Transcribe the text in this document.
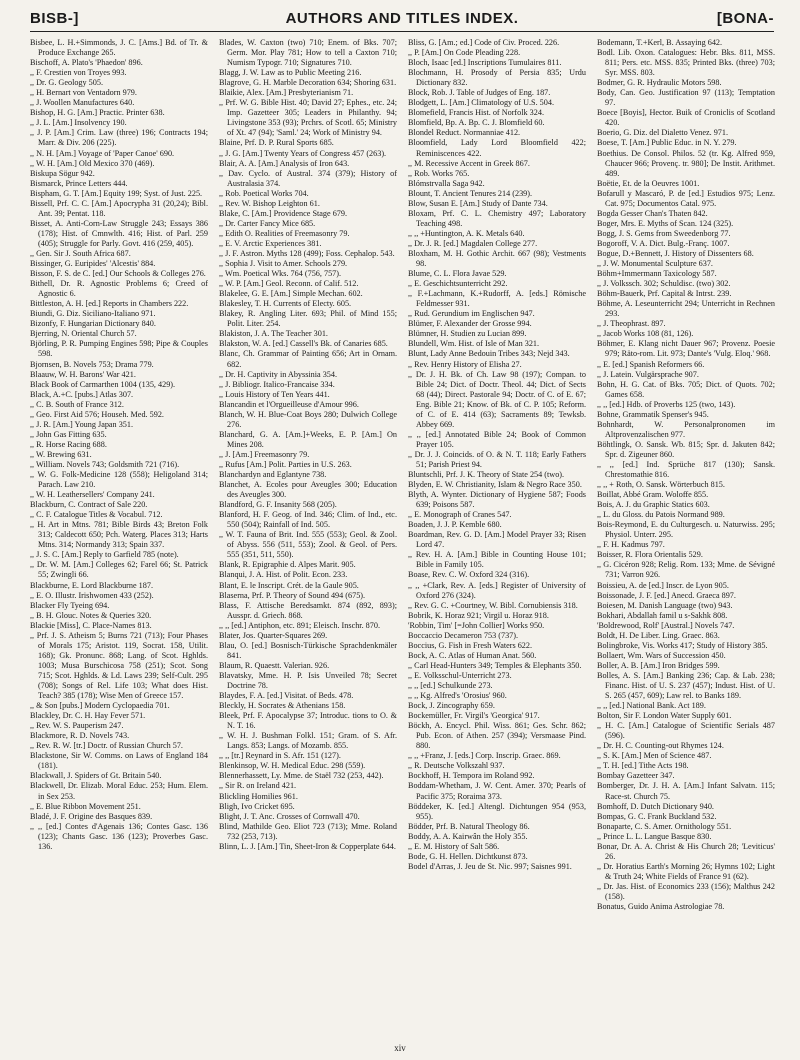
BISB-]	AUTHORS AND TITLES INDEX.	[BONA-

Bisbee, L. H.+Simmonds, J. C. [Ams.] Bd. of Tr. & Produce Exchange 265.

Bischoff, A. Plato's 'Phaedon' 896.

,, F. Crestien von Troyes 993.

,, Dr. G. Geology 505.

,, H. Bernart von Ventadorn 979.

,, J. Woollen Manufactures 640.

Bishop, H. G. [Am.] Practic. Printer 638.

,, J. L. [Am.] Insolvency 190.

,, J. P. [Am.] Crim. Law (three) 196; Contracts 194; Marr. & Div. 206 (225).

,, N. H. [Am.] Voyage of 'Paper Canoe' 690.

,, W. H. [Am.] Old Mexico 370 (469).

Biskupa Sögur 942.

Bismarck, Prince Letters 444.

Bispham, G. T. [Am.] Equity 199; Syst. of Just. 225.

Bissell, Prf. C. C. [Am.] Apocrypha 31 (20,24); Bibl. Ant. 39; Pentat. 118.

Bisset, A. Anti-Corn-Law Struggle 243; Essays 386 (178); Hist. of Cmnwlth. 416; Hist. of Parl. 259 (405); Struggle for Parly. Govt. 416 (259, 405).

,, Gen. Sir J. South Africa 687.

Bissinger, G. Euripides' 'Alcestis' 884.

Bisson, F. S. de C. [ed.] Our Schools & Colleges 276.

Bithell, Dr. R. Agnostic Problems 6; Creed of Agnostic 6.

Bittleston, A. H. [ed.] Reports in Chambers 222.

Biundi, G. Diz. Siciliano-Italiano 971.

Bizonfy, F. Hungarian Dictionary 840.

Bjerring, N. Oriental Church 57.

Björling, P. R. Pumping Engines 598; Pipe & Couples 598.

Bjornsen, B. Novels 753; Drama 779.

Blaauw, W. H. Barons' War 421.

Black Book of Carmarthen 1004 (135, 429).

Black, A.+C. [pubs.] Atlas 307.

,, C. B. South of France 312.

,, Geo. First Aid 576; Househ. Med. 592.

,, J. R. [Am.] Young Japan 351.

,, John Gas Fitting 635.

,, R. Horse Racing 688.

,, W. Brewing 631.

,, William. Novels 743; Goldsmith 721 (716).

,, W. G. Folk-Medicine 128 (558); Heligoland 314; Parach. Law 210.

,, W. H. Leathersellers' Company 241.

Blackburn, C. Contract of Sale 220.

,, C. F. Catalogue Titles & Vocabul. 712.

,, H. Art in Mtns. 781; Bible Birds 43; Breton Folk 313; Caldecott 650; Pch. Waterg. Places 313; Harts Mtns. 314; Normandy 313; Spain 337.

,, J. S. C. [Am.] Reply to Garfield 785 (note).

,, Dr. W. M. [Am.] Colleges 62; Farel 66; St. Patrick 55; Zwingli 66.

Blackburne, E. Lord Blackburne 187.

,, E. O. Illustr. Irishwomen 433 (252).

Blacker Fly Tyeing 694.

,, B. H. Glouc. Notes & Queries 320.

Blackie [Miss], C. Place-Names 813.

,, Prf. J. S. Atheism 5; Burns 721 (713); Four Phases of Morals 175; Aristot. 119, Socrat. 158, Utilit. 168); Gk. Pronunc. 868; Lang. of Scot. Hghlds. 1003; Musa Burschicosa 758 (251); Scot. Song 715; Scot. Hghlds. & Ld. Laws 239; Self-Cult. 295 (708); Songs of Rel. Life 103; What does Hist. Teach? 385 (178); Wise Men of Greece 157.

,, & Son [pubs.] Modern Cyclopaedia 701.

Blackley, Dr. C. H. Hay Fever 571.

,, Rev. W. S. Pauperism 247.

Blackmore, R. D. Novels 743.

,, Rev. R. W. [tr.] Doctr. of Russian Church 57.

Blackstone, Sir W. Comms. on Laws of England 184 (181).

Blackwall, J. Spiders of Gt. Britain 540.

Blackwell, Dr. Elizab. Moral Educ. 253; Hum. Elem. in Sex 253.

,, E. Blue Ribbon Movement 251.

Bladé, J. F. Origine des Basques 839.

,, ,, [ed.] Contes d'Agenais 136; Contes Gasc. 136 (123); Chants Gasc. 136 (123); Proverbes Gasc. 136.

Blades, W. Caxton (two) 710; Enem. of Bks. 707; Germ. Mor. Play 781; How to tell a Caxton 710; Numism Typogr. 710; Signatures 710.

Blagg, J. W. Law as to Public Meeting 216.

Blagrove, G. H. Marble Decoration 634; Shoring 631.

Blaikie, Alex. [Am.] Presbyterianism 71.

,, Prf. W. G. Bible Hist. 40; David 27; Ephes., etc. 24; Imp. Gazetteer 305; Leaders in Philanthy. 94; Livingstone 353 (93); Prchrs. of Scotl. 65; Ministry of Xt. 47 (94); 'Saml.' 24; Work of Ministry 94.

Blaine, Prf. D. P. Rural Sports 685.

,, J. G. [Am.] Twenty Years of Congress 457 (263).

Blair, A. A. [Am.] Analysis of Iron 643.

,, Dav. Cyclo. of Austral. 374 (379); History of Australasia 374.

,, Rob. Poetical Works 704.

,, Rev. W. Bishop Leighton 61.

Blake, C. [Am.] Providence Stage 679.

,, Dr. Carter Fancy Mice 685.

,, Edith O. Realities of Freemasonry 79.

,, E. V. Arctic Experiences 381.

,, J. F. Astron. Myths 128 (499); Foss. Cephalop. 543.

,, Sophia J. Visit to Amer. Schools 279.

,, Wm. Poetical Wks. 764 (756, 757).

,, W. P. [Am.] Geol. Reconn. of Calif. 512.

Blakelee, G. E. [Am.] Simple Mechan. 602.

Blakesley, T. H. Currents of Electy. 605.

Blakey, R. Angling Liter. 693; Phil. of Mind 155; Polit. Liter. 254.

Blakiston, J. A. The Teacher 301.

Blakston, W. A. [ed.] Cassell's Bk. of Canaries 685.

Blanc, Ch. Grammar of Painting 656; Art in Ornam. 682.

,, Dr. H. Captivity in Abyssinia 354.

,, J. Bibliogr. Italico-Francaise 334.

,, Louis History of Ten Years 441.

Blancandin et l'Orgueilleuse d'Amour 996.

Blanch, W. H. Blue-Coat Boys 280; Dulwich College 276.

Blanchard, G. A. [Am.]+Weeks, E. P. [Am.] On Mines 208.

,, J. [Am.] Freemasonry 79.

,, Rufus [Am.] Polit. Parties in U.S. 263.

Blanchardyn and Eglantyne 738.

Blanchet, A. Ecoles pour Aveugles 300; Education des Aveugles 300.

Blandford, G. F. Insanity 568 (205).

Blanford, H. F. Geog. of Ind. 346; Clim. of Ind., etc. 550 (504); Rainfall of Ind. 505.

,, W. T. Fauna of Brit. Ind. 555 (553); Geol. & Zool. of Abyss. 556 (511, 553); Zool. & Geol. of Pers. 555 (351, 511, 550).

Blank, R. Epigraphie d. Alpes Marit. 905.

Blanqui, J. A. Hist. of Polit. Econ. 233.

Blant, E. le Inscript. Crét. de la Gaule 905.

Blaserna, Prf. P. Theory of Sound 494 (675).

Blass, F. Attische Beredsamkt. 874 (892, 893); Ausspr. d. Griech. 868.

,, ,, [ed.] Antiphon, etc. 891; Eleisch. Inschr. 870.

Blater, Jos. Quarter-Squares 269.

Blau, O. [ed.] Bosnisch-Türkische Sprachdenkmäler 841.

Blaum, R. Quaestt. Valerian. 926.

Blavatsky, Mme. H. P. Isis Unveiled 78; Secret Doctrine 78.

Blaydes, F. A. [ed.] Visitat. of Beds. 478.

Bleckly, H. Socrates & Athenians 158.

Bleek, Prf. F. Apocalypse 37; Introduc. tions to O. & N. T. 16.

,, W. H. J. Bushman Folkl. 151; Gram. of S. Afr. Langs. 853; Langs. of Mozamb. 855.

,, ,, [tr.] Reynard in S. Afr. 151 (127).

Blenkinsop, W. H. Medical Educ. 298 (559).

Blennerhassett, Ly. Mme. de Staël 732 (253, 442).

,, Sir R. on Ireland 421.

Blickling Homilies 961.

Bligh, Ivo Cricket 695.

Blight, J. T. Anc. Crosses of Cornwall 470.

Blind, Mathilde Geo. Eliot 723 (713); Mme. Roland 732 (253, 713).

Blinn, L. J. [Am.] Tin, Sheet-Iron & Copperplate 644.

Bliss, G. [Am.; ed.] Code of Civ. Proced. 226.

,, P. [Am.] On Code Pleading 228.

Bloch, Isaac [ed.] Inscriptions Tumulaires 811.

Blochmann, H. Prosody of Persia 835; Urdu Dictionary 832.

Block, Rob. J. Table of Judges of Eng. 187.

Blodgett, L. [Am.] Climatology of U.S. 504.

Blomefield, Francis Hist. of Norfolk 324.

Blomfield, Bp. A. Bp. C. J. Blomfield 60.

Blondel Reduct. Normanniae 412.

Bloomfield, Lady Lord Bloomfield 422; Reminiscences 422.

,, M. Recessive Accent in Greek 867.

,, Rob. Works 765.

Blómstrvalla Saga 942.

Blount, T. Ancient Tenures 214 (239).

Blow, Susan E. [Am.] Study of Dante 734.

Bloxam, Prf. C. L. Chemistry 497; Laboratory Teaching 498.

,, ,, +Huntington, A. K. Metals 640.

,, Dr. J. R. [ed.] Magdalen College 277.

Bloxham, M. H. Gothic Archit. 667 (98); Vestments 98.

Blume, C. L. Flora Javae 529.

,, E. Geschichtsunterricht 292.

,, F.+Lachmann, K.+Rudorff, A. [eds.] Römische Feldmesser 931.

,, Rud. Gerundium im Englischen 947.

Blümer, F. Alexander der Grosse 994.

Blümner, H. Studien zu Lucian 899.

Blundell, Wm. Hist. of Isle of Man 321.

Blunt, Lady Anne Bedouin Tribes 343; Nejd 343.

,, Rev. Henry History of Elisha 27.

,, Dr. J. H. Bk. of Ch. Law 98 (197); Compan. to Bible 24; Dict. of Doctr. Theol. 44; Dict. of Sects 68 (44); Direct. Pastorale 94; Doctr. of C. of E. 67; Eng. Bible 21; Know. of Bk. of C. P. 105; Reform. of C. of E. 414 (63); Sacraments 89; Tewksb. Abbey 669.

,, ,, [ed.] Annotated Bible 24; Book of Common Prayer 105.

,, Dr. J. J. Coincids. of O. & N. T. 118; Early Fathers 51; Parish Priest 94.

Bluntschli, Prf. J. K. Theory of State 254 (two).

Blyden, E. W. Christianity, Islam & Negro Race 350.

Blyth, A. Wynter. Dictionary of Hygiene 587; Foods 639; Poisons 587.

,, E. Monograph of Cranes 547.

Boaden, J. J. P. Kemble 680.

Boardman, Rev. G. D. [Am.] Model Prayer 33; Risen Lord 47.

,, Rev. H. A. [Am.] Bible in Counting House 101; Bible in Family 105.

Boase, Rev. C. W. Oxford 324 (316).

,, ,, +Clark, Rev. A. [eds.] Register of University of Oxford 276 (324).

,, Rev. G. C. +Courtney, W. Bibl. Cornubiensis 318.

Bobrik, K. Horaz 921; Virgil u. Horaz 918.

'Robbin, Tim' [=John Collier] Works 950.

Boccaccio Decameron 753 (737).

Boccius, G. Fish in Fresh Waters 622.

Bock, A. C. Atlas of Human Anat. 560.

,, Carl Head-Hunters 349; Temples & Elephants 350.

,, E. Volksschul-Unterricht 273.

,, ,, [ed.] Schulkunde 273.

,, ,, Kg. Alfred's 'Orosius' 960.

Bock, J. Zincography 659.

Bockemüller, Fr. Virgil's 'Georgica' 917.

Böckh, A. Encycl. Phil. Wiss. 861; Ges. Schr. 862; Pub. Econ. of Athen. 257 (394); Versmaase Pind. 880.

,, ,, +Franz, J. [eds.] Corp. Inscrip. Graec. 869.

,, R. Deutsche Volkszahl 937.

Bockhoff, H. Tempora im Roland 992.

Boddam-Whetham, J. W. Cent. Amer. 370; Pearls of Pacific 375; Roraima 373.

Böddeker, K. [ed.] Altengl. Dichtungen 954 (953, 955).

Bödder, Prf. B. Natural Theology 86.

Boddy, A. A. Kairwân the Holy 355.

,, E. M. History of Salt 586.

Bode, G. H. Hellen. Dichtkunst 873.

Bodel d'Arras, J. Jeu de St. Nic. 997; Saisnes 991.

Bodemann, T.+Kerl, B. Assaying 642.

Bodl. Lib. Oxon. Catalogues: Hebr. Bks. 811, MSS. 811; Pers. etc. MSS. 835; Printed Bks. (three) 703; Syr. MSS. 803.

Bodmer, G. R. Hydraulic Motors 598.

Body, Can. Geo. Justification 97 (113); Temptation 97.

Boece [Boyis], Hector. Buik of Croniclis of Scotland 420.

Boerio, G. Diz. del Dialetto Venez. 971.

Boese, T. [Am.] Public Educ. in N. Y. 279.

Boethius. De Consol. Philos. 52 (tr. Kg. Alfred 959, Chaucer 966; Provenç. tr. 980]; De Instit. Arithmet. 489.

Boëtie, Et. de la Oeuvres 1001.

Bofarull y Mascaró, P. de [ed.] Estudios 975; Lenz. Cat. 975; Documentos Catal. 975.

Bogda Gesser Chan's Thaten 842.

Boger, Mrs. E. Myths of Scan. 124 (325).

Bogg, J. S. Gems from Sweedenborg 77.

Bogoroff, V. A. Dict. Bulg.-Franç. 1007.

Bogue, D.+Bennett, J. History of Dissenters 68.

,, J. W. Monumental Sculpture 637.

Böhm+Immermann Taxicology 587.

,, J. Volkssch. 302; Schuldisc. (two) 302.

Böhm-Bauerk, Prf. Capital & Intrst. 239.

Böhme, A. Leseunterricht 294; Unterricht in Rechnen 293.

,, J. Theophrast. 897.

,, Jacob Works 108 (81, 126).

Böhmer, E. Klang nicht Dauer 967; Provenz. Poesie 979; Räto-rom. Lit. 973; Dante's 'Vulg. Eloq.' 968.

,, E. [ed.] Spanish Reformers 66.

,, J. Latein. Vulgärsprache 907.

Bohn, H. G. Cat. of Bks. 705; Dict. of Quots. 702; Games 658.

,, ,, [ed.] Hdb. of Proverbs 125 (two, 143).

Bohne, Grammatik Spenser's 945.

Bohnhardt, W. Personalpronomen im Altprovenzalischen 977.

Böhtlingk, O. Sansk. Wb. 815; Spr. d. Jakuten 842; Spr. d. Zigeuner 860.

,, ,, [ed.] Ind. Sprüche 817 (130); Sansk. Chrestomathie 816.

,, ,, + Roth, O. Sansk. Wörterbuch 815.

Boillat, Abbé Gram. Woloffe 855.

Bois, A. J. du Graphic Statics 603.

,, L. du Gloss. du Patois Normand 989.

Bois-Reymond, E. du Culturgesch. u. Naturwiss. 295; Physiol. Unterr. 295.

,, F. H. Kadmus 797.

Boisser, R. Flora Orientalis 529.

,, G. Cicéron 928; Relig. Rom. 133; Mme. de Sévigné 731; Varron 926.

Boissieu, A. de [ed.] Inscr. de Lyon 905.

Boissonade, J. F. [ed.] Anecd. Graeca 897.

Boiesen, M. Danish Language (two) 943.

Bokhari, Abdallah famil u s-Sakhk 808.

'Boldrewood, Rolf' [Austral.] Novels 747.

Boldt, H. De Liber. Ling. Graec. 863.

Bolingbroke, Vis. Works 417; Study of History 385.

Bollaert, Wm. Wars of Succession 450.

Boller, A. B. [Am.] Iron Bridges 599.

Bolles, A. S. [Am.] Banking 236; Cap. & Lab. 238; Financ. Hist. of U. S. 237 (457); Indust. Hist. of U. S. 265 (457, 609); Law rel. to Banks 189.

,, ,, [ed.] National Bank. Act 189.

Bolton, Sir F. London Water Supply 601.

,, H. C. [Am.] Catalogue of Scientific Serials 487 (596).

,, Dr. H. C. Counting-out Rhymes 124.

,, S. K. [Am.] Men of Science 487.

,, T. H. [ed.] Tithe Acts 198.

Bombay Gazetteer 347.

Bomberger, Dr. J. H. A. [Am.] Infant Salvatn. 115; Race-st. Church 75.

Bomhoff, D. Dutch Dictionary 940.

Bompas, G. C. Frank Buckland 532.

Bonaparte, C. S. Amer. Ornithology 551.

,, Prince L. L. Langue Basque 830.

Bonar, Dr. A. A. Christ & His Church 28; 'Leviticus' 26.

,, Dr. Horatius Earth's Morning 26; Hymns 102; Light & Truth 24; White Fields of France 91 (62).

,, Dr. Jas. Hist. of Economics 233 (156); Malthus 242 (158).

Bonatus, Guido Anima Astrologiae 78.

xiv
